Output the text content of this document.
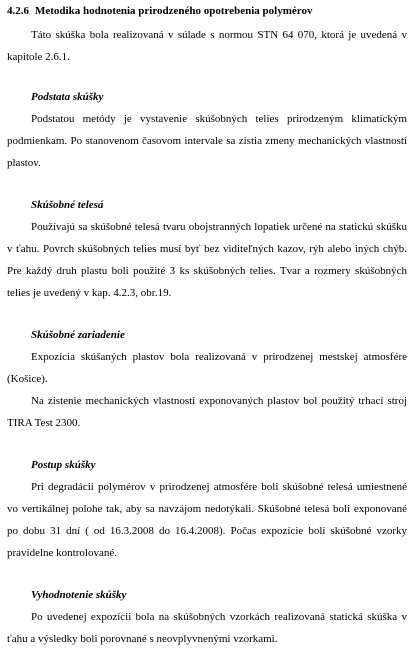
4.2.6 Metodika hodnotenia prirodzeného opotrebenia polymérov

Táto skúška bola realizovaná v súlade s normou STN 64 070, ktorá je uvedená v kapitole 2.6.1.

Podstata skúšky

Podstatou metódy je vystavenie skúšobných telies prirodzeným klimatickým podmienkam. Po stanovenom časovom intervale sa zistia zmeny mechanických vlastností plastov.

Skúšobné telesá

Používajú sa skúšobné telesá tvaru obojstranných lopatiek určené na statickú skúšku v ťahu. Povrch skúšobných telies musí byť bez viditeľných kazov, rýh alebo iných chýb. Pre každý druh plastu boli použité 3 ks skúšobných telies. Tvar a rozmery skúšobných telies je uvedený v kap. 4.2.3, obr.19.

Skúšobné zariadenie

Expozícia skúšaných plastov bola realizovaná v prirodzenej mestskej atmosfére (Košice).

Na zistenie mechanických vlastností exponovaných plastov bol použitý trhací stroj TIRA Test 2300.

Postup skúšky

Pri degradácii polymérov v prirodzenej atmosfére boli skúšobné telesá umiestnené vo vertikálnej polohe tak, aby sa navzájom nedotýkali. Skúšobné telesá boli exponované po dobu 31 dní ( od 16.3.2008 do 16.4.2008). Počas expozície boli skúšobné vzorky pravidelne kontrolované.

Vyhodnotenie skúšky

Po uvedenej expozícii bola na skúšobných vzorkách realizovaná statická skúška v ťahu a výsledky boli porovnané s neovplyvnenými vzorkami.
